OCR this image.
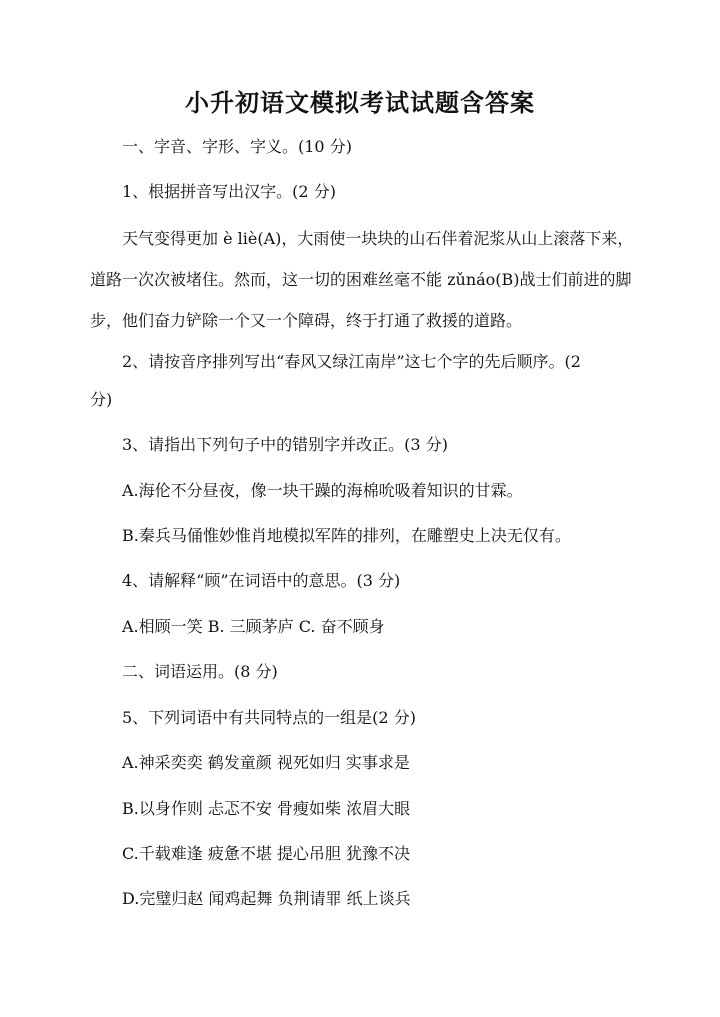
小升初语文模拟考试试题含答案
一、字音、字形、字义。(10 分)
1、根据拼音写出汉字。(2 分)
天气变得更加 è liè(A)，大雨使一块块的山石伴着泥浆从山上滚落下来，道路一次次被堵住。然而，这一切的困难丝毫不能 zǔnáo(B)战士们前进的脚步，他们奋力铲除一个又一个障碍，终于打通了救援的道路。
2、请按音序排列写出“春风又绿江南岸”这七个字的先后顺序。(2
分)
3、请指出下列句子中的错别字并改正。(3 分)
A.海伦不分昼夜，像一块干躁的海棉吮吸着知识的甘霖。
B.秦兵马俑惟妙惟肖地模拟军阵的排列，在雕塑史上决无仅有。
4、请解释“顾”在词语中的意思。(3 分)
A.相顾一笑 B. 三顾茅庐 C. 奋不顾身
二、词语运用。(8 分)
5、下列词语中有共同特点的一组是(2 分)
A.神采奕奕 鹤发童颜 视死如归 实事求是
B.以身作则 忐忑不安 骨瘦如柴 浓眉大眼
C.千载难逢 疲惫不堪 提心吊胆 犹豫不决
D.完璧归赵 闻鸡起舞 负荆请罪 纸上谈兵
